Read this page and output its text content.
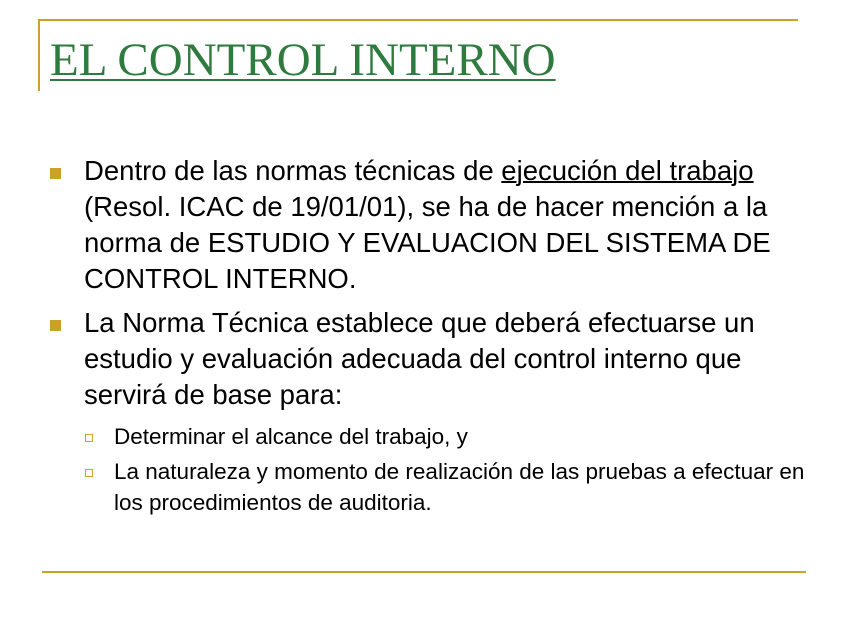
EL CONTROL INTERNO
Dentro de las normas técnicas de ejecución del trabajo (Resol. ICAC de 19/01/01), se ha de hacer mención a la norma de ESTUDIO Y EVALUACION DEL SISTEMA DE CONTROL INTERNO.
La Norma Técnica establece que deberá efectuarse un estudio y evaluación adecuada del control interno que servirá de base para:
Determinar el alcance del trabajo, y
La naturaleza y momento de realización de las pruebas a efectuar en los procedimientos de auditoria.
